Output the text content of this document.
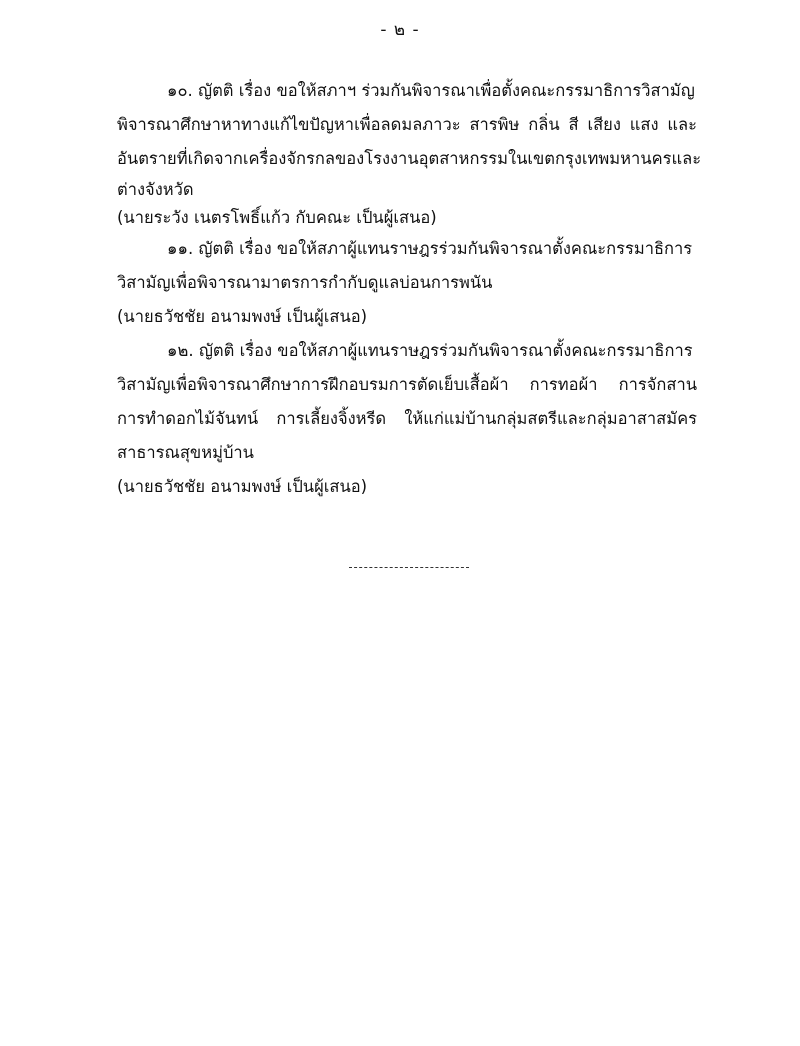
- ๒ -
๑๐. ญัตติ เรื่อง ขอให้สภาฯ ร่วมกันพิจารณาเพื่อตั้งคณะกรรมาธิการวิสามัญ
พิจารณาศึกษาหาทางแก้ไขปัญหาเพื่อลดมลภาวะ สารพิษ กลิ่น สี เสียง แสง และ
อันตรายที่เกิดจากเครื่องจักรกลของโรงงานอุตสาหกรรมในเขตกรุงเทพมหานครและ
ต่างจังหวัด
(นายระวัง เนตรโพธิ์แก้ว กับคณะ เป็นผู้เสนอ)
๑๑. ญัตติ เรื่อง ขอให้สภาผู้แทนราษฎรร่วมกันพิจารณาตั้งคณะกรรมาธิการ
วิสามัญเพื่อพิจารณามาตรการกำกับดูแลบ่อนการพนัน
(นายธวัชชัย อนามพงษ์ เป็นผู้เสนอ)
๑๒. ญัตติ เรื่อง ขอให้สภาผู้แทนราษฎรร่วมกันพิจารณาตั้งคณะกรรมาธิการ
วิสามัญเพื่อพิจารณาศึกษาการฝึกอบรมการตัดเย็บเสื้อผ้า การทอผ้า การจักสาน
การทำดอกไม้จันทน์ การเลี้ยงจิ้งหรีด ให้แก่แม่บ้านกลุ่มสตรีและกลุ่มอาสาสมัคร
สาธารณสุขหมู่บ้าน
(นายธวัชชัย อนามพงษ์ เป็นผู้เสนอ)
